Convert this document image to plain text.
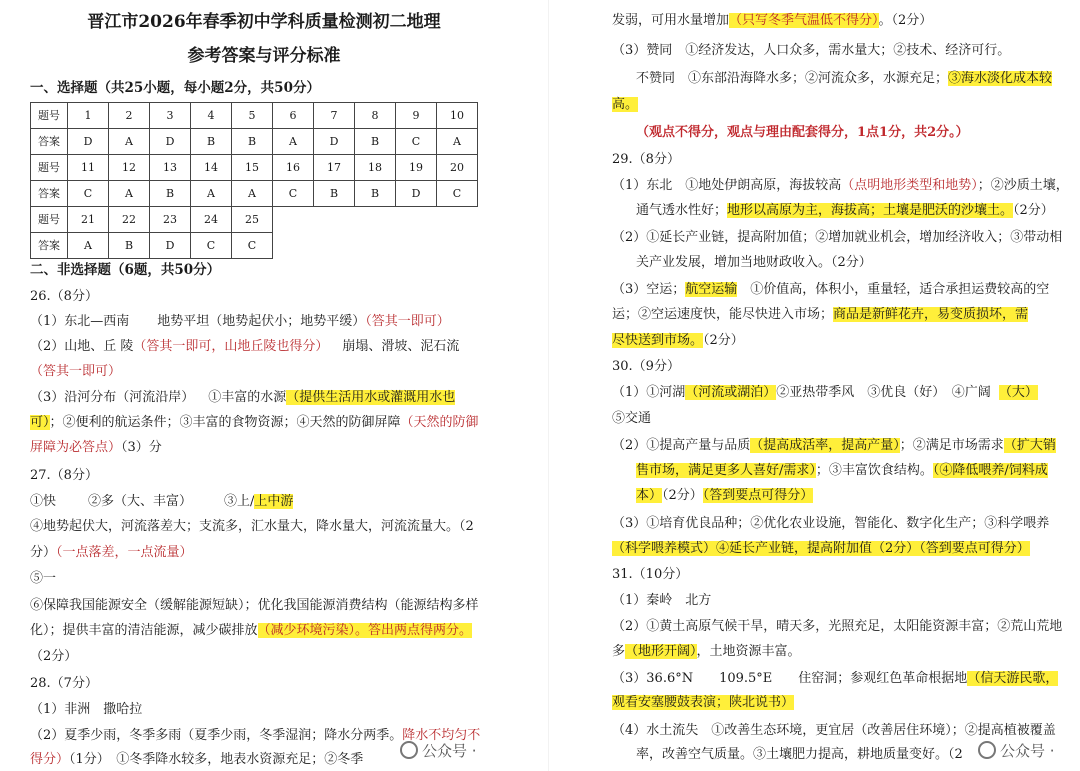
晋江市2026年春季初中学科质量检测初二地理
参考答案与评分标准
一、选择题（共25小题，每小题2分，共50分）
题号	1	2	3	4	5	6	7	8	9	10
答案	D	A	D	B	B	A	D	B	C	A
题号	11	12	13	14	15	16	17	18	19	20
答案	C	A	B	A	A	C	B	B	D	C
题号	21	22	23	24	25					
答案	A	B	D	C	C					
二、非选择题（6题，共50分）
26.（8分）
（1）东北—西南 地势平坦（地势起伏小；地势平缓）（答其一即可）
（2）山地、丘 陵（答其一即可，山地丘陵也得分） 崩塌、滑坡、泥石流
（答其一即可）
（3）沿河分布（河流沿岸） ①丰富的水源（提供生活用水或灌溉用水也
可）；②便利的航运条件；③丰富的食物资源；④天然的防御屏障（天然的防御
屏障为必答点）（3）分
27.（8分）
①快 ②多（大、丰富） ③上/上中游
④地势起伏大，河流落差大；支流多，汇水量大，降水量大，河流流量大。（2
分）（一点落差，一点流量）
⑤一
⑥保障我国能源安全（缓解能源短缺）；优化我国能源消费结构（能源结构多样
化）；提供丰富的清洁能源，减少碳排放（减少环境污染）。答出两点得两分。
（2分）
28.（7分）
（1）非洲　撒哈拉
（2）夏季少雨，冬季多雨（夏季少雨，冬季湿润；降水分两季。降水不均匀不
得分）（1分）　①冬季降水较多，地表水资源充足；②冬季	公众号 ·
发弱，可用水量增加（只写冬季气温低不得分）。（2分）
（3）赞同　①经济发达，人口众多，需水量大；②技术、经济可行。
不赞同　①东部沿海降水多；②河流众多，水源充足；③海水淡化成本较
高。
（观点不得分，观点与理由配套得分，1点1分，共2分。）
29.（8分）
（1）东北　①地处伊朗高原，海拔较高（点明地形类型和地势）；②沙质土壤，
通气透水性好；地形以高原为主，海拔高；土壤是肥沃的沙壤土。（2分）
（2）①延长产业链，提高附加值；②增加就业机会，增加经济收入；③带动相
关产业发展，增加当地财政收入。（2分）
（3）空运；航空运输　①价值高，体积小，重量轻，适合承担运费较高的空
运；②空运速度快，能尽快进入市场；商品是新鲜花卉，易变质损坏，需
尽快送到市场。（2分）
30.（9分）
（1）①河湖（河流或湖泊）②亚热带季风　③优良（好）　④广阔 （大）
⑤交通
（2）①提高产量与品质（提高成活率，提高产量）；②满足市场需求（扩大销
售市场，满足更多人喜好/需求）；③丰富饮食结构。（④降低喂养/饲料成
本）（2分）（答到要点可得分）
（3）①培育优良品种；②优化农业设施，智能化、数字化生产；③科学喂养
（科学喂养模式）④延长产业链，提高附加值（2分）（答到要点可得分）
31.（10分）
（1）秦岭　北方
（2）①黄土高原气候干旱，晴天多，光照充足，太阳能资源丰富；②荒山荒地
多（地形开阔），土地资源丰富。
（3）36.6°N　　109.5°E　　住窑洞；参观红色革命根据地（信天游民歌，
观看安塞腰鼓表演；陕北说书）
（4）水土流失　①改善生态环境，更宜居（改善居住环境）；②提高植被覆盖
率，改善空气质量。③土壤肥力提高，耕地质量变好。（2	公众号 ·
